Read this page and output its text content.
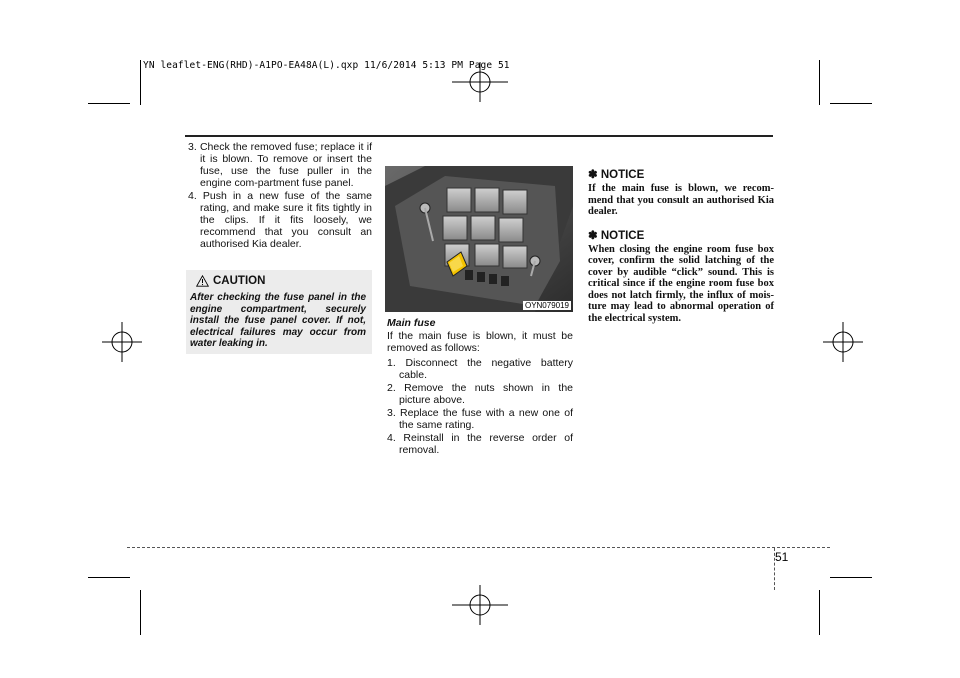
YN leaflet-ENG(RHD)-A1PO-EA48A(L).qxp 11/6/2014 5:13 PM Page 51
3. Check the removed fuse; replace it if it is blown. To remove or insert the fuse, use the fuse puller in the engine com-partment fuse panel.
4. Push in a new fuse of the same rating, and make sure it fits tightly in the clips. If it fits loosely, we recommend that you consult an authorised Kia dealer.
CAUTION
After checking the fuse panel in the engine compartment, securely install the fuse panel cover. If not, electrical failures may occur from water leaking in.
OYN079019
Main fuse
If the main fuse is blown, it must be removed as follows:
1. Disconnect the negative battery cable.
2. Remove the nuts shown in the picture above.
3. Replace the fuse with a new one of the same rating.
4. Reinstall in the reverse order of removal.
✽ NOTICE
If the main fuse is blown, we recom-mend that you consult an authorised Kia dealer.
✽ NOTICE
When closing the engine room fuse box cover, confirm the solid latching of the cover by audible “click” sound. This is critical since if the engine room fuse box does not latch firmly, the influx of mois-ture may lead to abnormal operation of the electrical system.
51
